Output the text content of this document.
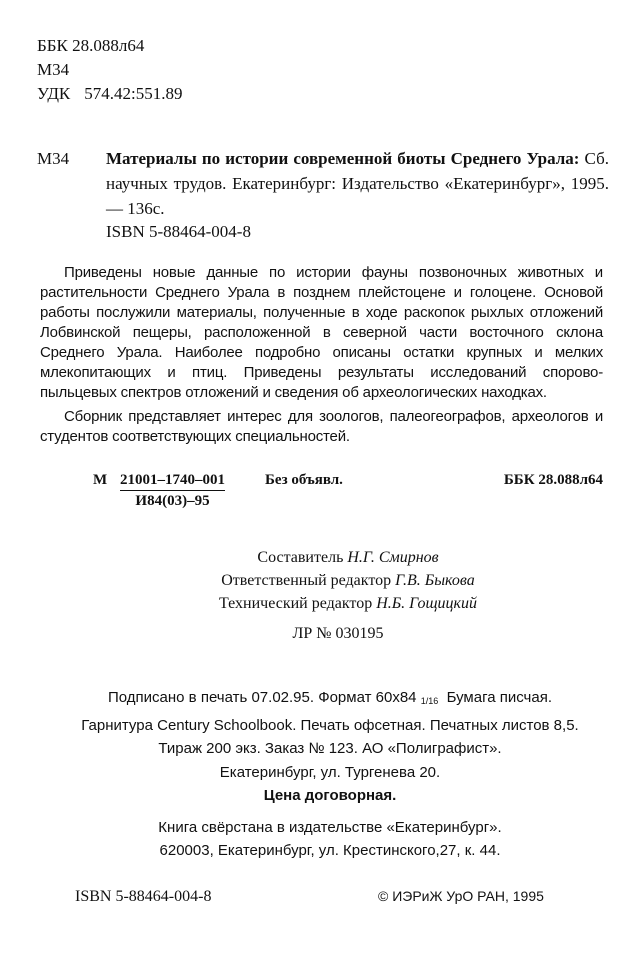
ББК 28.088л64
М34
УДК 574.42:551.89
М34 Материалы по истории современной биоты Среднего Урала: Сб. научных трудов. Екатеринбург: Издательство «Екатеринбург», 1995. — 136с.
ISBN 5-88464-004-8

Приведены новые данные по истории фауны позвоночных животных и растительности Среднего Урала в позднем плейстоцене и голоцене. Основой работы послужили материалы, полученные в ходе раскопок рыхлых отложений Лобвинской пещеры, расположенной в северной части восточного склона Среднего Урала. Наиболее подробно описаны остатки крупных и мелких млекопитающих и птиц. Приведены результаты исследований спорово-пыльцевых спектров отложений и сведения об археологических находках.

Сборник представляет интерес для зоологов, палеогеографов, археологов и студентов соответствующих специальностей.

М 21001–1740–001
И84(03)–95
Без объявл.	ББК 28.088л64
Составитель Н.Г. Смирнов
Ответственный редактор Г.В. Быкова
Технический редактор Н.Б. Гощицкий
ЛР № 030195
Подписано в печать 07.02.95. Формат 60х84 $_{1/16}$ Бумага писчая.
Гарнитура Century Schoolbook. Печать офсетная. Печатных листов 8,5.
Тираж 200 экз. Заказ № 123. АО «Полиграфист».
Екатеринбург, ул. Тургенева 20.
Цена договорная.
Книга свёрстана в издательстве «Екатеринбург».
620003, Екатеринбург, ул. Крестинского,27, к. 44.
ISBN 5-88464-004-8	© ИЭРиЖ УрО РАН, 1995
